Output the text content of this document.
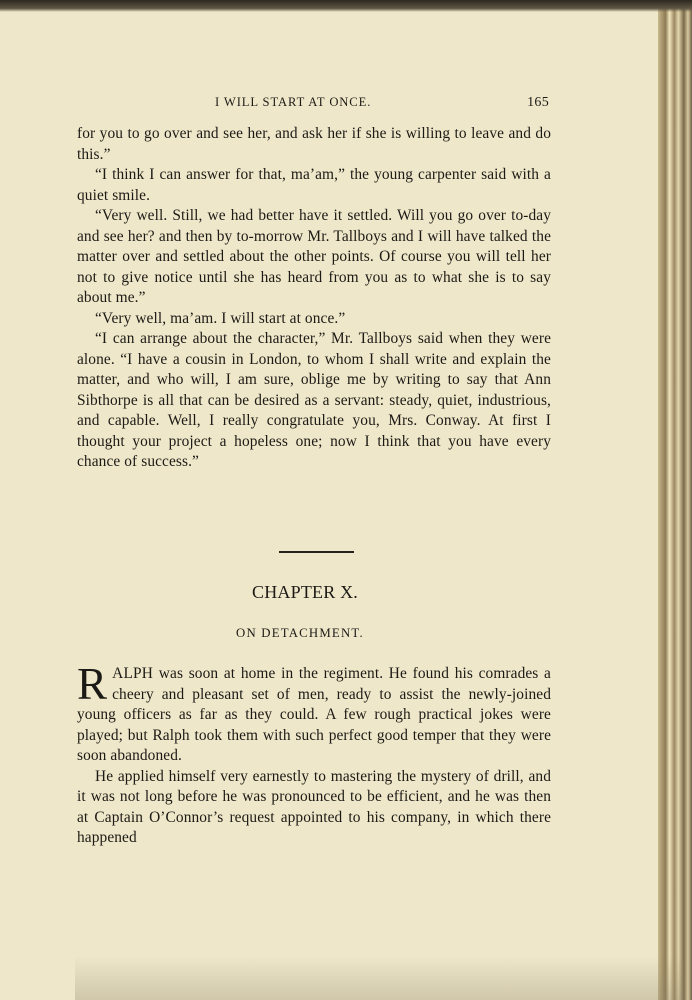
I WILL START AT ONCE.	165

for you to go over and see her, and ask her if she is willing to leave and do this.”

“I think I can answer for that, ma’am,” the young carpenter said with a quiet smile.

“Very well. Still, we had better have it settled. Will you go over to-day and see her? and then by to-morrow Mr. Tallboys and I will have talked the matter over and settled about the other points. Of course you will tell her not to give notice until she has heard from you as to what she is to say about me.”

“Very well, ma’am. I will start at once.”

“I can arrange about the character,” Mr. Tallboys said when they were alone. “I have a cousin in London, to whom I shall write and explain the matter, and who will, I am sure, oblige me by writing to say that Ann Sibthorpe is all that can be desired as a servant: steady, quiet, industrious, and capable. Well, I really congratulate you, Mrs. Conway. At first I thought your project a hopeless one; now I think that you have every chance of success.”

CHAPTER X.
ON DETACHMENT.

R ALPH was soon at home in the regiment. He found his comrades a cheery and pleasant set of men, ready to assist the newly-joined young officers as far as they could. A few rough practical jokes were played; but Ralph took them with such perfect good temper that they were soon abandoned.

He applied himself very earnestly to mastering the mystery of drill, and it was not long before he was pronounced to be efficient, and he was then at Captain O’Connor’s request appointed to his company, in which there happened
